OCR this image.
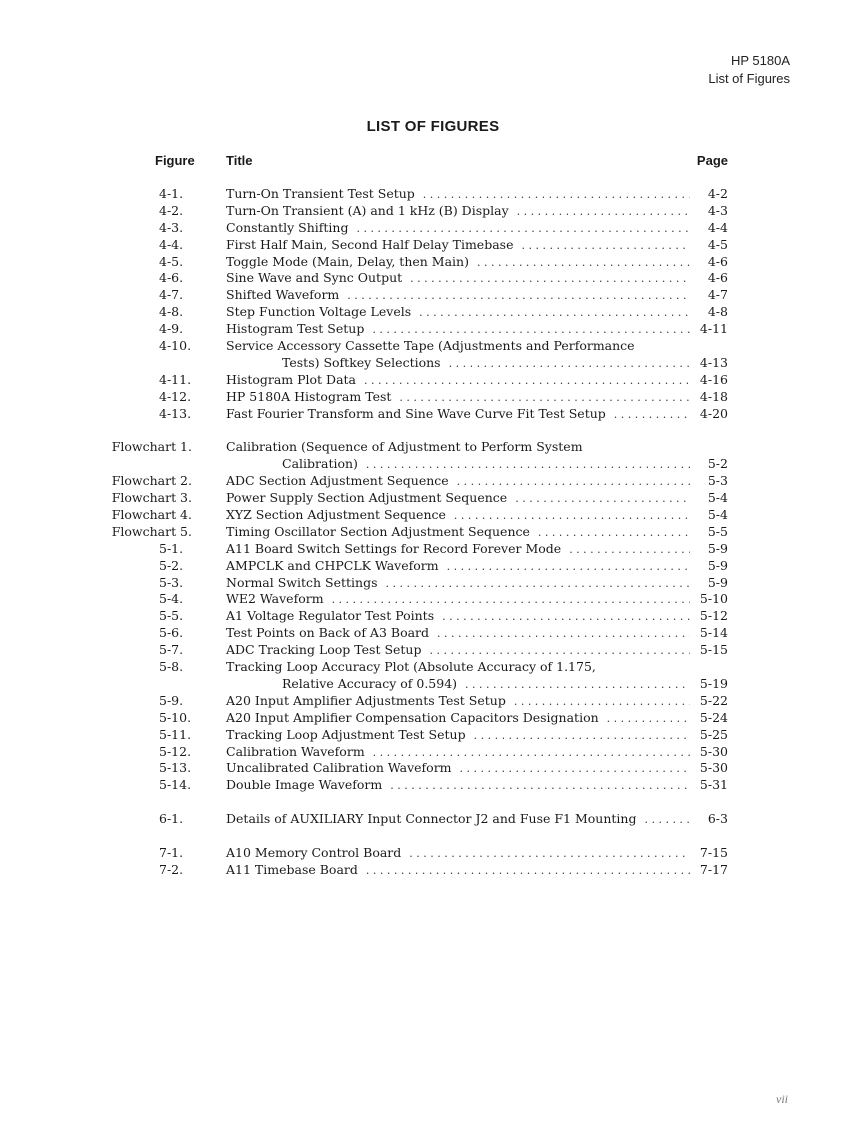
HP 5180A
List of Figures
LIST OF FIGURES
Figure Title	Page
4-1.	Turn-On Transient Test Setup . . .	4-2
4-2.	Turn-On Transient (A) and 1 kHz (B) Display . . .	4-3
4-3.	Constantly Shifting . . .	4-4
4-4.	First Half Main, Second Half Delay Timebase . . .	4-5
4-5.	Toggle Mode (Main, Delay, then Main) . . .	4-6
4-6.	Sine Wave and Sync Output . . .	4-6
4-7.	Shifted Waveform . . .	4-7
4-8.	Step Function Voltage Levels . . .	4-8
4-9.	Histogram Test Setup . . .	4-11
4-10.	Service Accessory Cassette Tape (Adjustments and Performance
Tests) Softkey Selections . . .	4-13
4-11.	Histogram Plot Data . . .	4-16
4-12.	HP 5180A Histogram Test . . .	4-18
4-13.	Fast Fourier Transform and Sine Wave Curve Fit Test Setup . . .	4-20
Flowchart 1.	Calibration (Sequence of Adjustment to Perform System
Calibration) . . .	5-2
Flowchart 2.	ADC Section Adjustment Sequence . . .	5-3
Flowchart 3.	Power Supply Section Adjustment Sequence . . .	5-4
Flowchart 4.	XYZ Section Adjustment Sequence . . .	5-4
Flowchart 5.	Timing Oscillator Section Adjustment Sequence . . .	5-5
5-1.	A11 Board Switch Settings for Record Forever Mode . . .	5-9
5-2.	AMPCLK and CHPCLK Waveform . . .	5-9
5-3.	Normal Switch Settings . . .	5-9
5-4.	WE2 Waveform . . .	5-10
5-5.	A1 Voltage Regulator Test Points . . .	5-12
5-6.	Test Points on Back of A3 Board . . .	5-14
5-7.	ADC Tracking Loop Test Setup . . .	5-15
5-8.	Tracking Loop Accuracy Plot (Absolute Accuracy of 1.175,
Relative Accuracy of 0.594) . . .	5-19
5-9.	A20 Input Amplifier Adjustments Test Setup . . .	5-22
5-10.	A20 Input Amplifier Compensation Capacitors Designation . . .	5-24
5-11.	Tracking Loop Adjustment Test Setup . . .	5-25
5-12.	Calibration Waveform . . .	5-30
5-13.	Uncalibrated Calibration Waveform . . .	5-30
5-14.	Double Image Waveform . . .	5-31
6-1.	Details of AUXILIARY Input Connector J2 and Fuse F1 Mounting . . .	6-3
7-1.	A10 Memory Control Board . . .	7-15
7-2.	A11 Timebase Board . . .	7-17
vii
